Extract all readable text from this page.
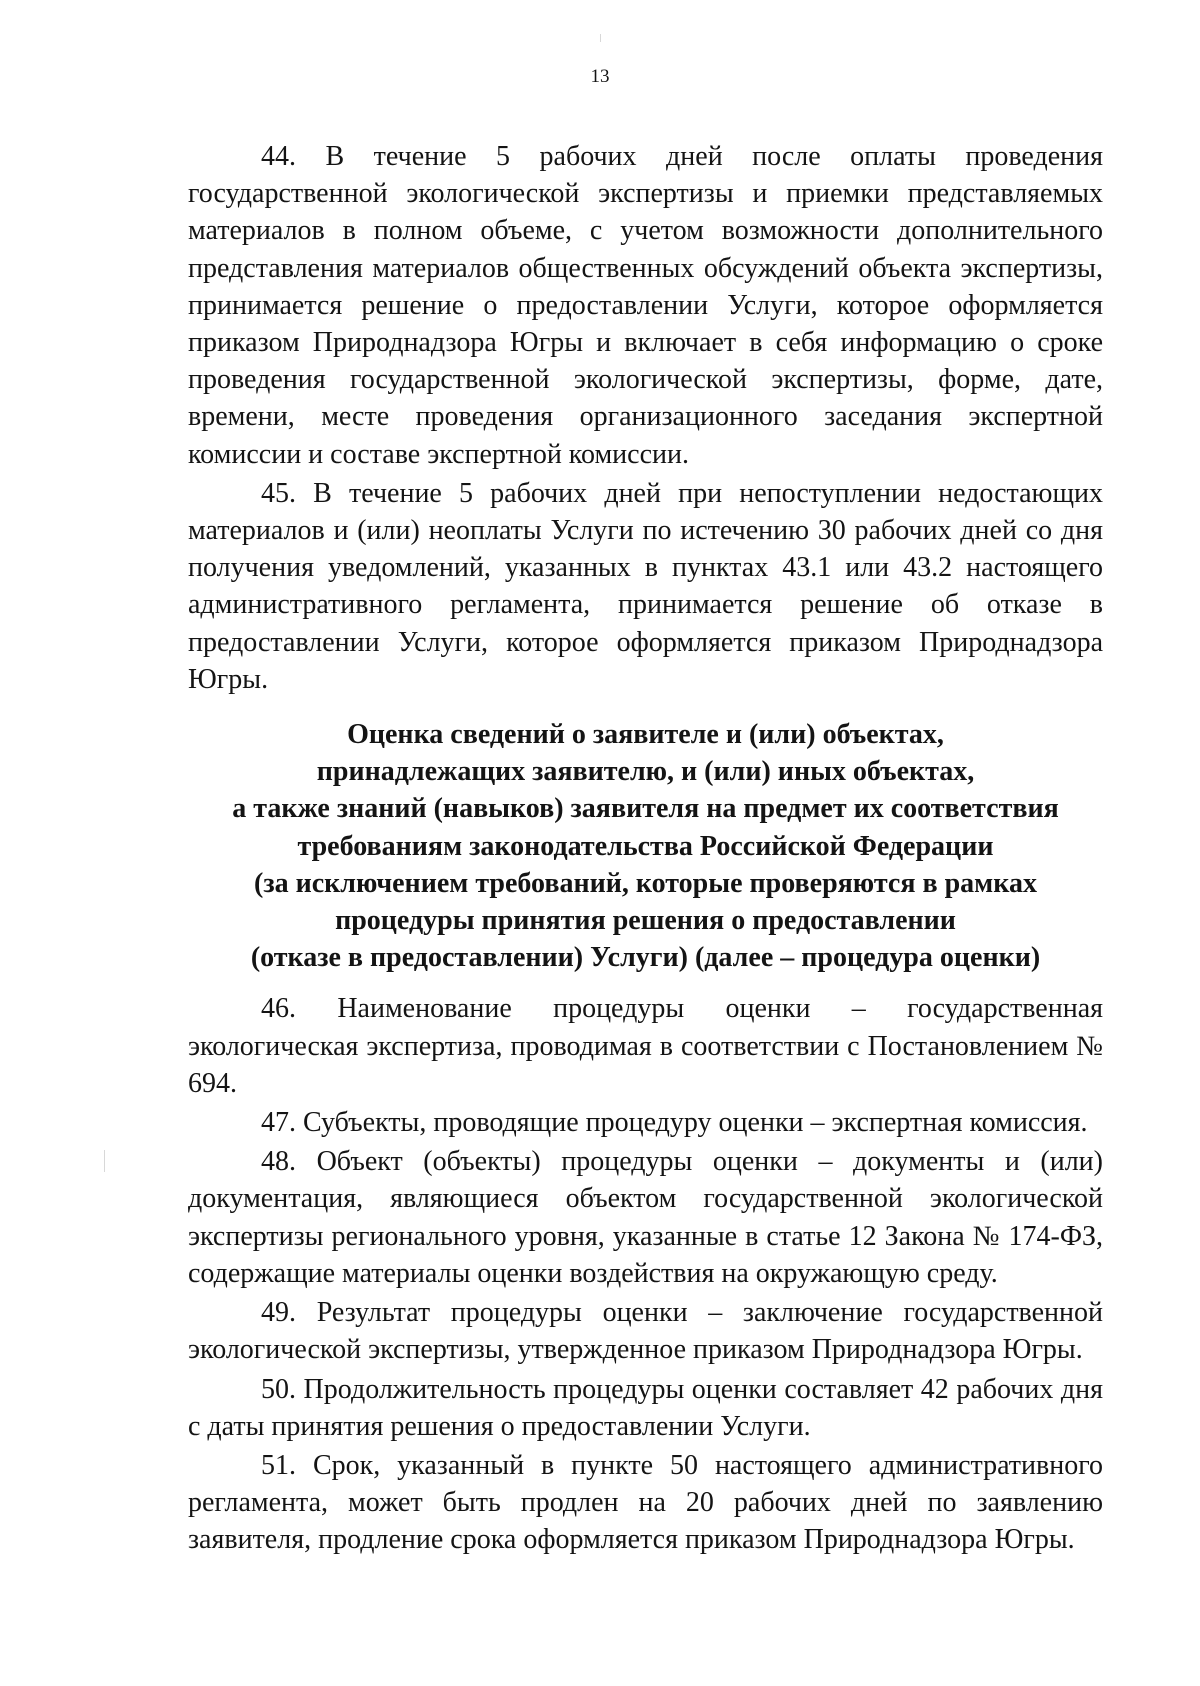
13

44. В течение 5 рабочих дней после оплаты проведения государственной экологической экспертизы и приемки представляемых материалов в полном объеме, с учетом возможности дополнительного представления материалов общественных обсуждений объекта экспертизы, принимается решение о предоставлении Услуги, которое оформляется приказом Природнадзора Югры и включает в себя информацию о сроке проведения государственной экологической экспертизы, форме, дате, времени, месте проведения организационного заседания экспертной комиссии и составе экспертной комиссии.

45. В течение 5 рабочих дней при непоступлении недостающих материалов и (или) неоплаты Услуги по истечению 30 рабочих дней со дня получения уведомлений, указанных в пунктах 43.1 или 43.2 настоящего административного регламента, принимается решение об отказе в предоставлении Услуги, которое оформляется приказом Природнадзора Югры.

Оценка сведений о заявителе и (или) объектах,
принадлежащих заявителю, и (или) иных объектах,
а также знаний (навыков) заявителя на предмет их соответствия
требованиям законодательства Российской Федерации
(за исключением требований, которые проверяются в рамках
процедуры принятия решения о предоставлении
(отказе в предоставлении) Услуги) (далее – процедура оценки)

46. Наименование процедуры оценки – государственная экологическая экспертиза, проводимая в соответствии с Постановлением № 694.

47. Субъекты, проводящие процедуру оценки – экспертная комиссия.

48. Объект (объекты) процедуры оценки – документы и (или) документация, являющиеся объектом государственной экологической экспертизы регионального уровня, указанные в статье 12 Закона № 174-ФЗ, содержащие материалы оценки воздействия на окружающую среду.

49. Результат процедуры оценки – заключение государственной экологической экспертизы, утвержденное приказом Природнадзора Югры.

50. Продолжительность процедуры оценки составляет 42 рабочих дня с даты принятия решения о предоставлении Услуги.

51. Срок, указанный в пункте 50 настоящего административного регламента, может быть продлен на 20 рабочих дней по заявлению заявителя, продление срока оформляется приказом Природнадзора Югры.
